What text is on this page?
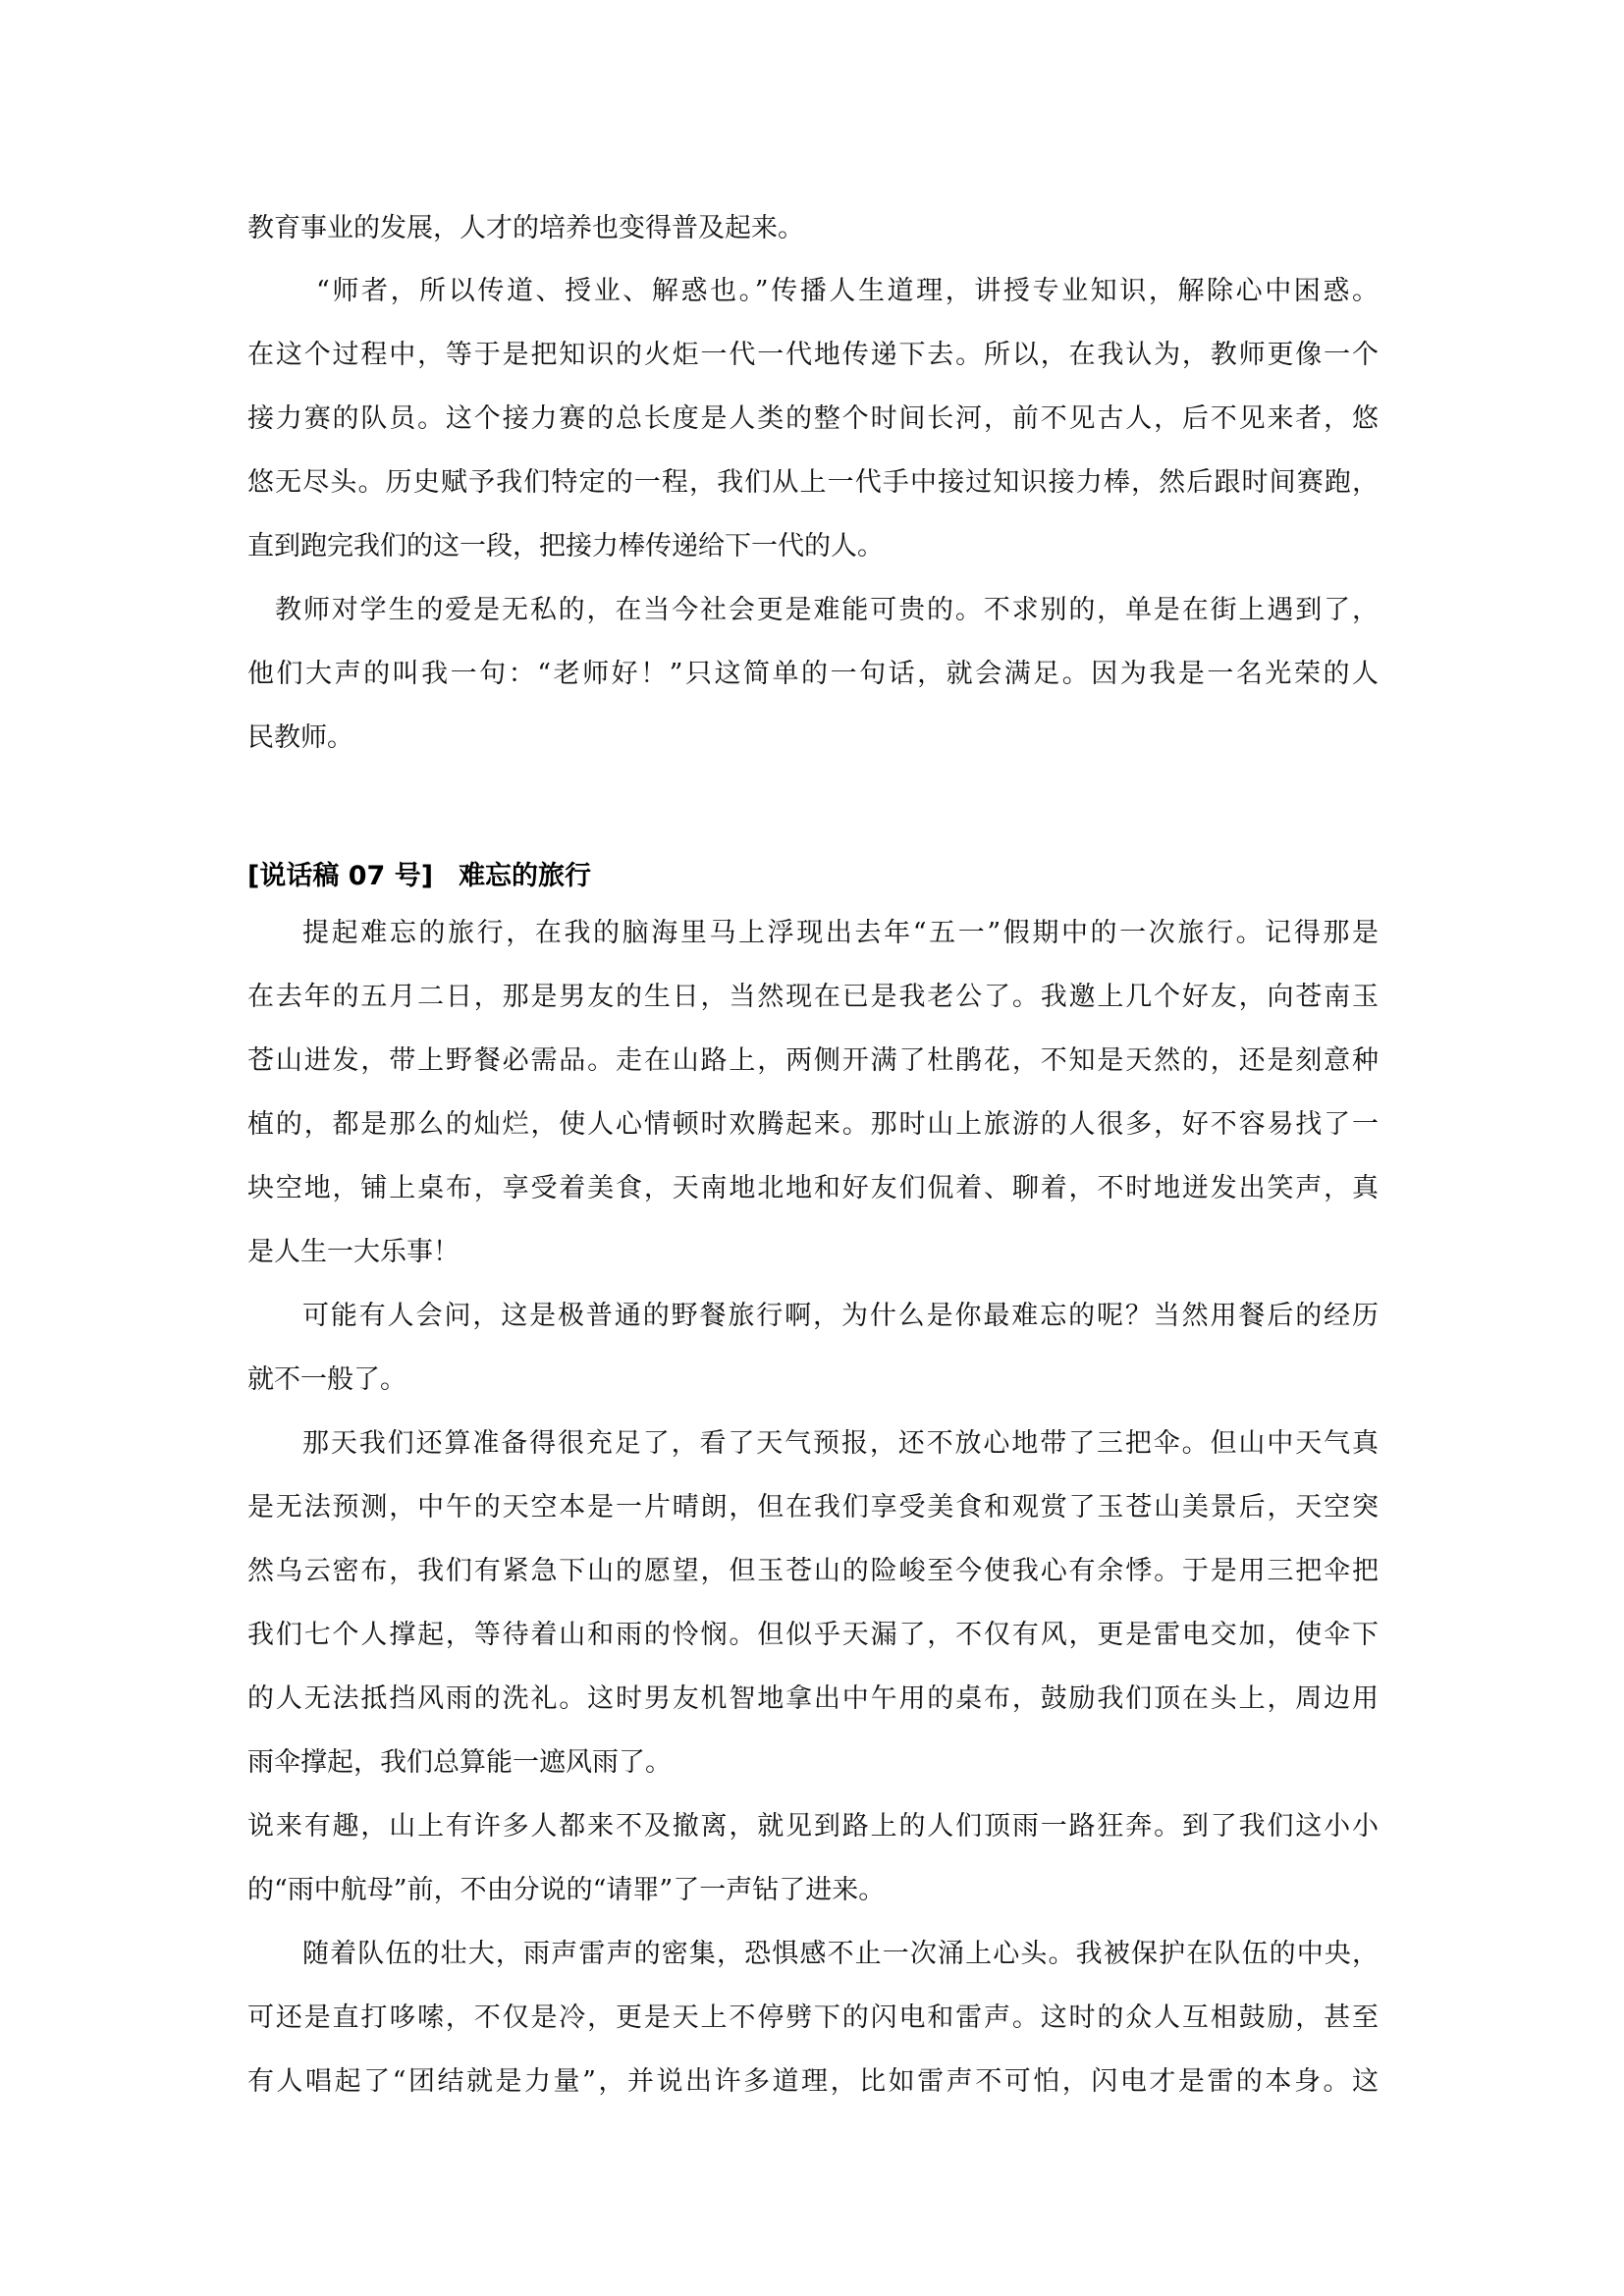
教育事业的发展，人才的培养也变得普及起来。
“师者，所以传道、授业、解惑也。”传播人生道理，讲授专业知识，解除心中困惑。
在这个过程中，等于是把知识的火炬一代一代地传递下去。所以，在我认为，教师更像一个
接力赛的队员。这个接力赛的总长度是人类的整个时间长河，前不见古人，后不见来者，悠
悠无尽头。历史赋予我们特定的一程，我们从上一代手中接过知识接力棒，然后跟时间赛跑，
直到跑完我们的这一段，把接力棒传递给下一代的人。
教师对学生的爱是无私的，在当今社会更是难能可贵的。不求别的，单是在街上遇到了，
他们大声的叫我一句：“老师好！”只这简单的一句话，就会满足。因为我是一名光荣的人
民教师。
[说话稿 07 号] 难忘的旅行
提起难忘的旅行，在我的脑海里马上浮现出去年“五一”假期中的一次旅行。记得那是
在去年的五月二日，那是男友的生日，当然现在已是我老公了。我邀上几个好友，向苍南玉
苍山进发，带上野餐必需品。走在山路上，两侧开满了杜鹃花，不知是天然的，还是刻意种
植的，都是那么的灿烂，使人心情顿时欢腾起来。那时山上旅游的人很多，好不容易找了一
块空地，铺上桌布，享受着美食，天南地北地和好友们侃着、聊着，不时地迸发出笑声，真
是人生一大乐事！
可能有人会问，这是极普通的野餐旅行啊，为什么是你最难忘的呢？当然用餐后的经历
就不一般了。
那天我们还算准备得很充足了，看了天气预报，还不放心地带了三把伞。但山中天气真
是无法预测，中午的天空本是一片晴朗，但在我们享受美食和观赏了玉苍山美景后，天空突
然乌云密布，我们有紧急下山的愿望，但玉苍山的险峻至今使我心有余悸。于是用三把伞把
我们七个人撑起，等待着山和雨的怜悯。但似乎天漏了，不仅有风，更是雷电交加，使伞下
的人无法抵挡风雨的洗礼。这时男友机智地拿出中午用的桌布，鼓励我们顶在头上，周边用
雨伞撑起，我们总算能一遮风雨了。
说来有趣，山上有许多人都来不及撤离，就见到路上的人们顶雨一路狂奔。到了我们这小小
的“雨中航母”前，不由分说的“请罪”了一声钻了进来。
随着队伍的壮大，雨声雷声的密集，恐惧感不止一次涌上心头。我被保护在队伍的中央，
可还是直打哆嗦，不仅是冷，更是天上不停劈下的闪电和雷声。这时的众人互相鼓励，甚至
有人唱起了“团结就是力量”，并说出许多道理，比如雷声不可怕，闪电才是雷的本身。这
